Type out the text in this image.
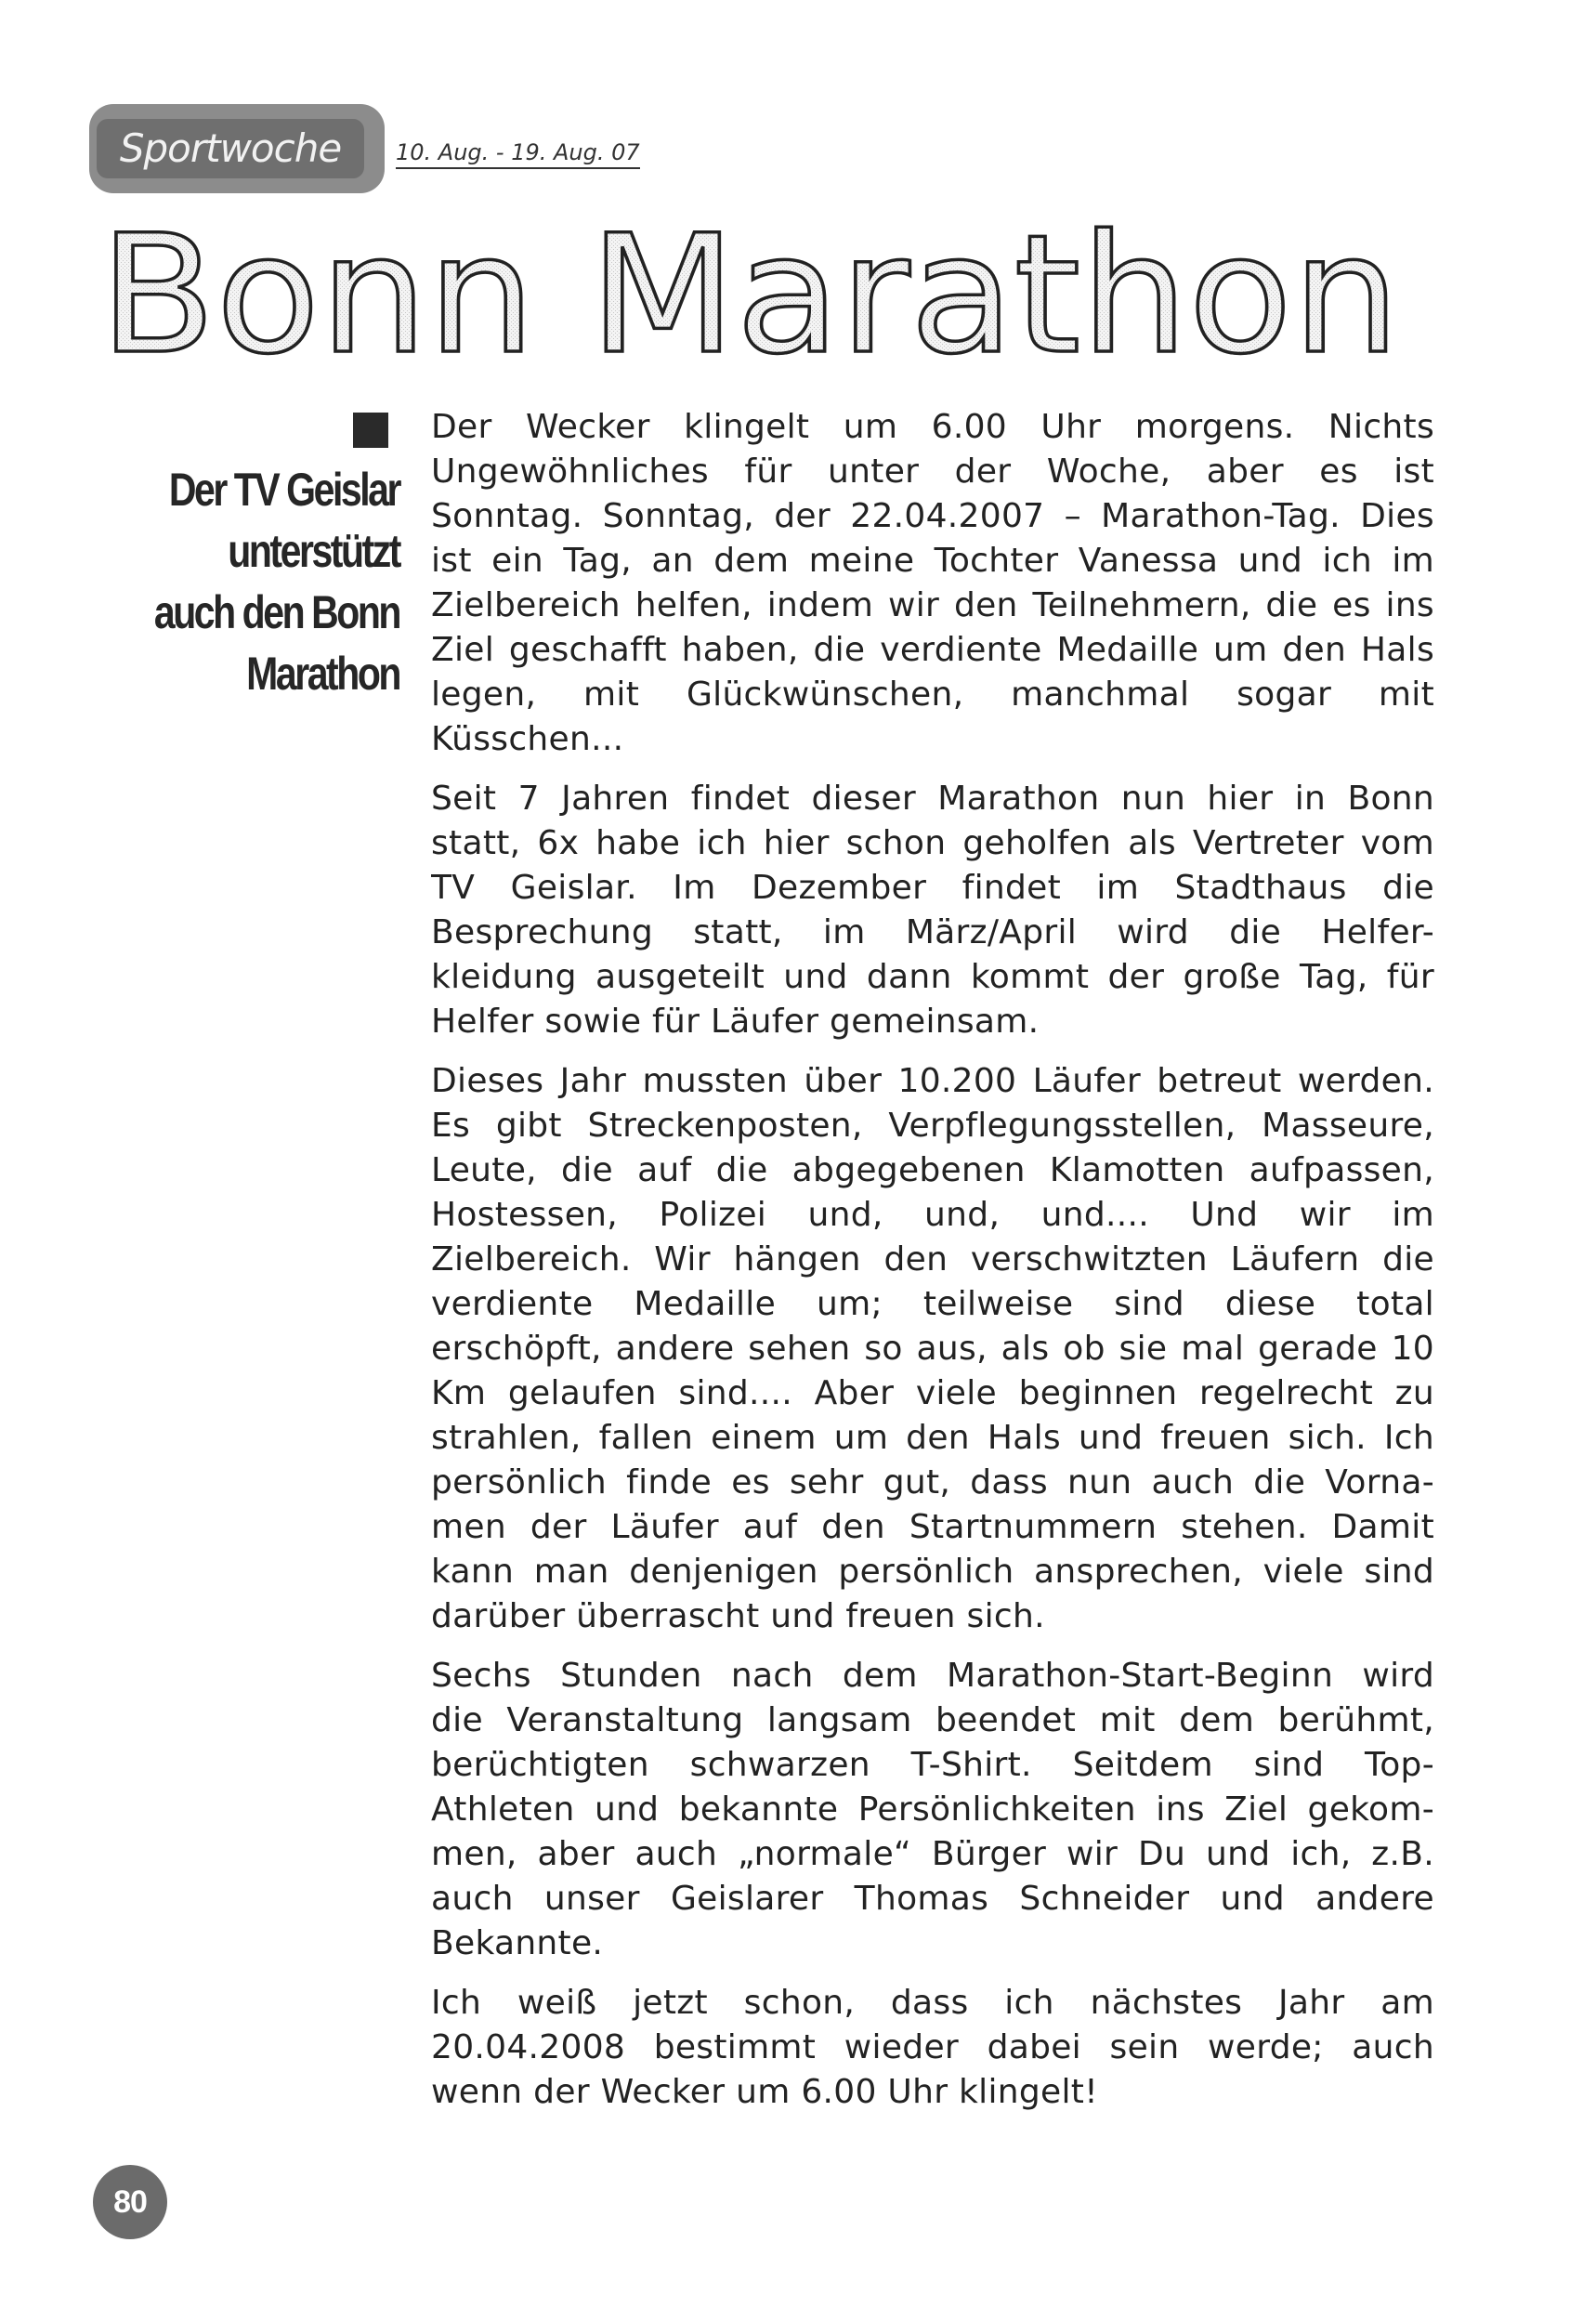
Sportwoche	10. Aug. - 19. Aug. 07
Bonn Marathon
Der TV Geislar
unterstützt
auch den Bonn
Marathon
Der Wecker klingelt um 6.00 Uhr morgens. Nichts
Ungewöhnliches für unter der Woche, aber es ist
Sonntag. Sonntag, der 22.04.2007 – Marathon-Tag. Dies
ist ein Tag, an dem meine Tochter Vanessa und ich im
Zielbereich helfen, indem wir den Teilnehmern, die es ins
Ziel geschafft haben, die verdiente Medaille um den Hals
legen, mit Glückwünschen, manchmal sogar mit
Küsschen...
Seit 7 Jahren findet dieser Marathon nun hier in Bonn
statt, 6x habe ich hier schon geholfen als Vertreter vom
TV Geislar. Im Dezember findet im Stadthaus die
Besprechung statt, im März/April wird die Helfer-
kleidung ausgeteilt und dann kommt der große Tag, für
Helfer sowie für Läufer gemeinsam.
Dieses Jahr mussten über 10.200 Läufer betreut werden.
Es gibt Streckenposten, Verpflegungsstellen, Masseure,
Leute, die auf die abgegebenen Klamotten aufpassen,
Hostessen, Polizei und, und, und.... Und wir im
Zielbereich. Wir hängen den verschwitzten Läufern die
verdiente Medaille um; teilweise sind diese total
erschöpft, andere sehen so aus, als ob sie mal gerade 10
Km gelaufen sind.... Aber viele beginnen regelrecht zu
strahlen, fallen einem um den Hals und freuen sich. Ich
persönlich finde es sehr gut, dass nun auch die Vorna-
men der Läufer auf den Startnummern stehen. Damit
kann man denjenigen persönlich ansprechen, viele sind
darüber überrascht und freuen sich.
Sechs Stunden nach dem Marathon-Start-Beginn wird
die Veranstaltung langsam beendet mit dem berühmt,
berüchtigten schwarzen T-Shirt. Seitdem sind Top-
Athleten und bekannte Persönlichkeiten ins Ziel gekom-
men, aber auch „normale“ Bürger wir Du und ich, z.B.
auch unser Geislarer Thomas Schneider und andere
Bekannte.
Ich weiß jetzt schon, dass ich nächstes Jahr am
20.04.2008 bestimmt wieder dabei sein werde; auch
wenn der Wecker um 6.00 Uhr klingelt!
80
